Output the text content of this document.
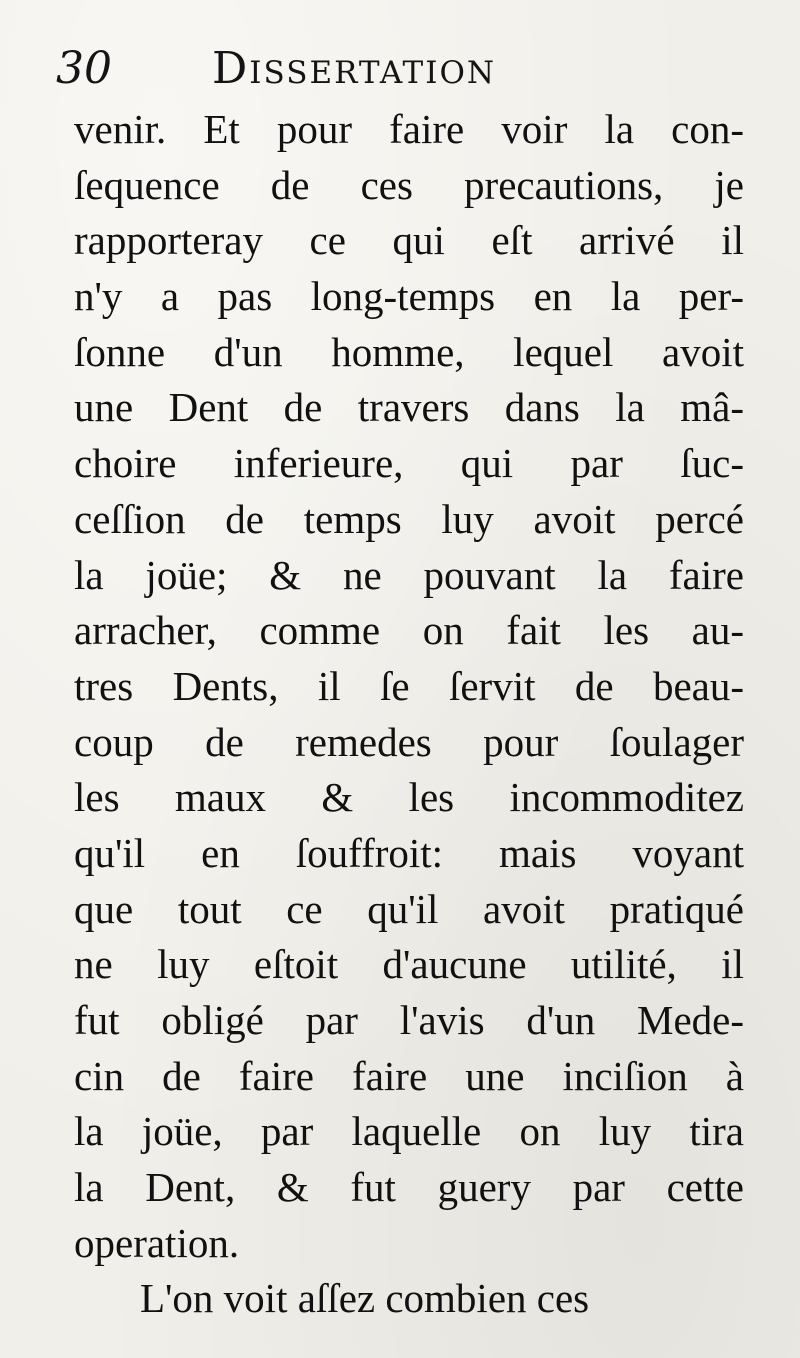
30 Dissertation
venir. Et pour faire voir la con-
ſequence de ces precautions, je
rapporteray ce qui eſt arrivé il
n'y a pas long-temps en la per-
ſonne d'un homme, lequel avoit
une Dent de travers dans la mâ-
choire inferieure, qui par ſuc-
ceſſion de temps luy avoit percé
la joüe; & ne pouvant la faire
arracher, comme on fait les au-
tres Dents, il ſe ſervit de beau-
coup de remedes pour ſoulager
les maux & les incommoditez
qu'il en ſouffroit: mais voyant
que tout ce qu'il avoit pratiqué
ne luy eſtoit d'aucune utilité, il
fut obligé par l'avis d'un Mede-
cin de faire faire une inciſion à
la joüe, par laquelle on luy tira
la Dent, & fut guery par cette
operation.
L'on voit aſſez combien ces
